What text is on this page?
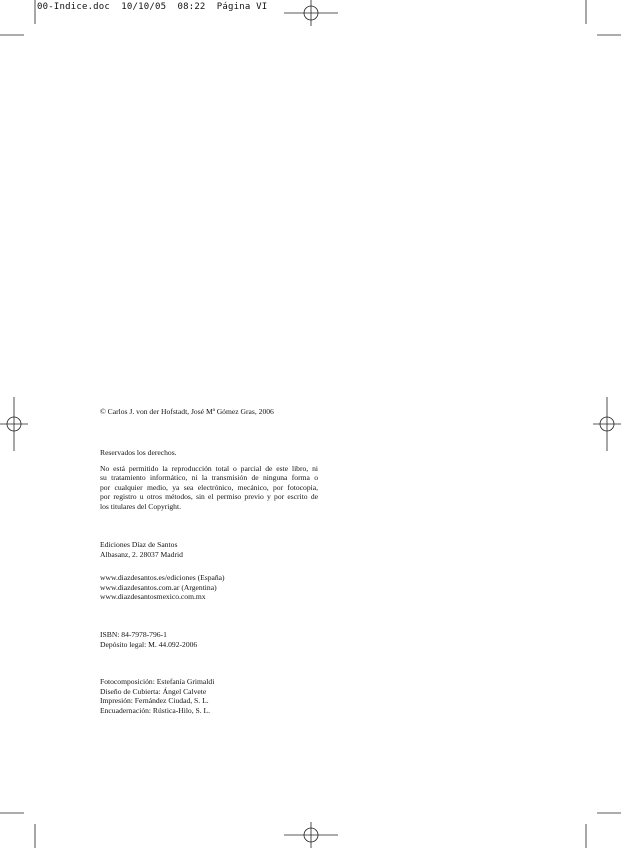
00-Indice.doc  10/10/05  08:22  Página VI

© Carlos J. von der Hofstadt, José Mª Gómez Gras, 2006

Reservados los derechos.

No está permitido la reproducción total o parcial de este libro, ni
su tratamiento informático, ni la transmisión de ninguna forma o
por cualquier medio, ya sea electrónico, mecánico, por fotocopia,
por registro u otros métodos, sin el permiso previo y por escrito de
los titulares del Copyright.

Ediciones Díaz de Santos

Albasanz, 2. 28037 Madrid

www.diazdesantos.es/ediciones (España)

www.diazdesantos.com.ar (Argentina)

www.diazdesantosmexico.com.mx

ISBN: 84-7978-796-1

Depósito legal: M. 44.092-2006

Fotocomposición: Estefanía Grimaldi

Diseño de Cubierta: Ángel Calvete

Impresión: Fernández Ciudad, S. L.

Encuadernación: Rústica-Hilo, S. L.
